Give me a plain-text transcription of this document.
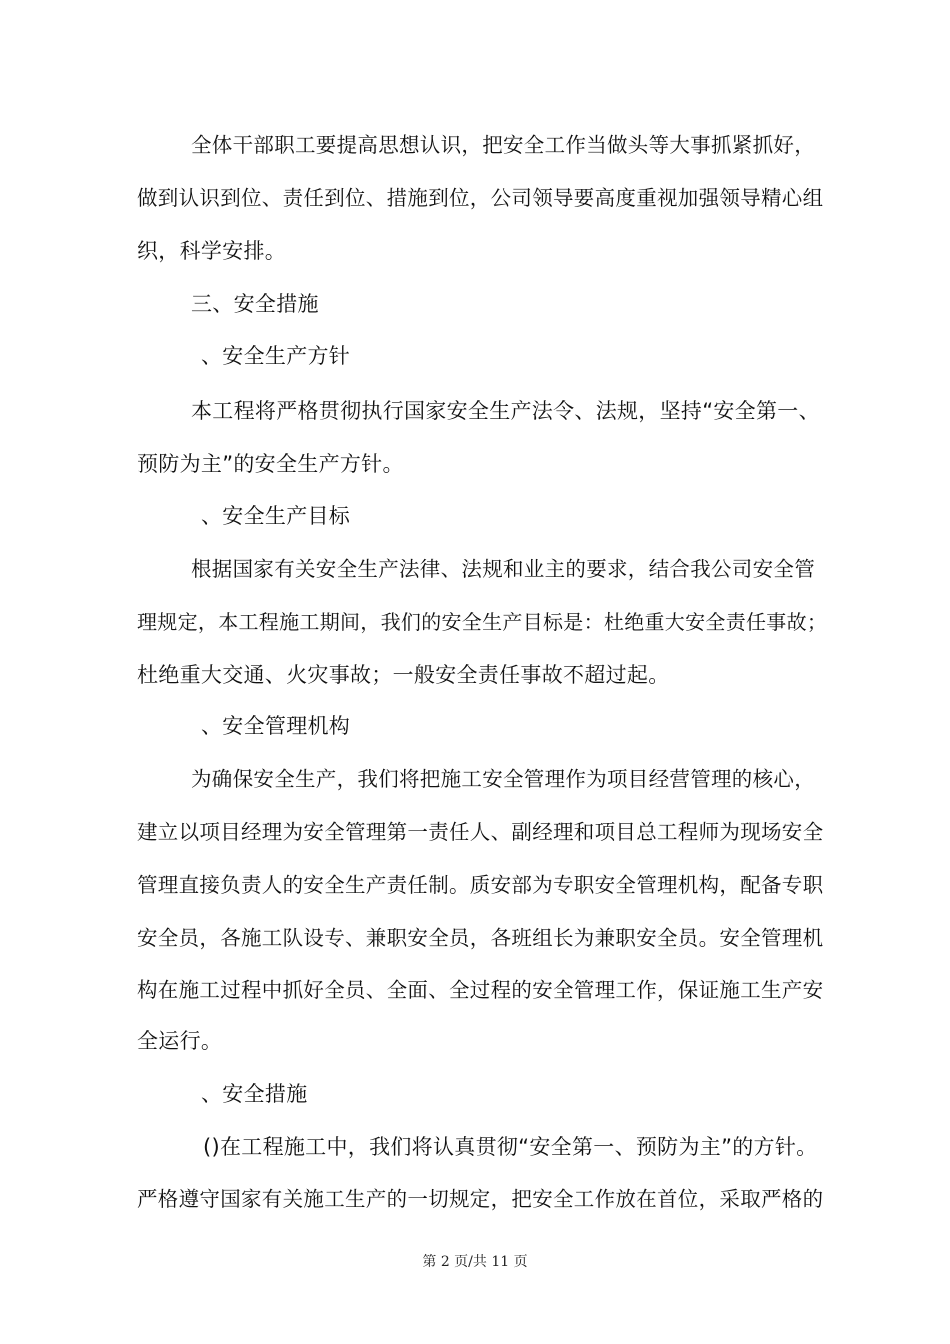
全体干部职工要提高思想认识，把安全工作当做头等大事抓紧抓好，
做到认识到位、责任到位、措施到位，公司领导要高度重视加强领导精心组
织，科学安排。
三、安全措施
、安全生产方针
本工程将严格贯彻执行国家安全生产法令、法规，坚持“安全第一、
预防为主”的安全生产方针。
、安全生产目标
根据国家有关安全生产法律、法规和业主的要求，结合我公司安全管
理规定，本工程施工期间，我们的安全生产目标是：杜绝重大安全责任事故；
杜绝重大交通、火灾事故；一般安全责任事故不超过起。
、安全管理机构
为确保安全生产，我们将把施工安全管理作为项目经营管理的核心，
建立以项目经理为安全管理第一责任人、副经理和项目总工程师为现场安全
管理直接负责人的安全生产责任制。质安部为专职安全管理机构，配备专职
安全员，各施工队设专、兼职安全员，各班组长为兼职安全员。安全管理机
构在施工过程中抓好全员、全面、全过程的安全管理工作，保证施工生产安
全运行。
、安全措施
()在工程施工中，我们将认真贯彻“安全第一、预防为主”的方针。
严格遵守国家有关施工生产的一切规定，把安全工作放在首位，采取严格的
第 2 页/共 11 页
